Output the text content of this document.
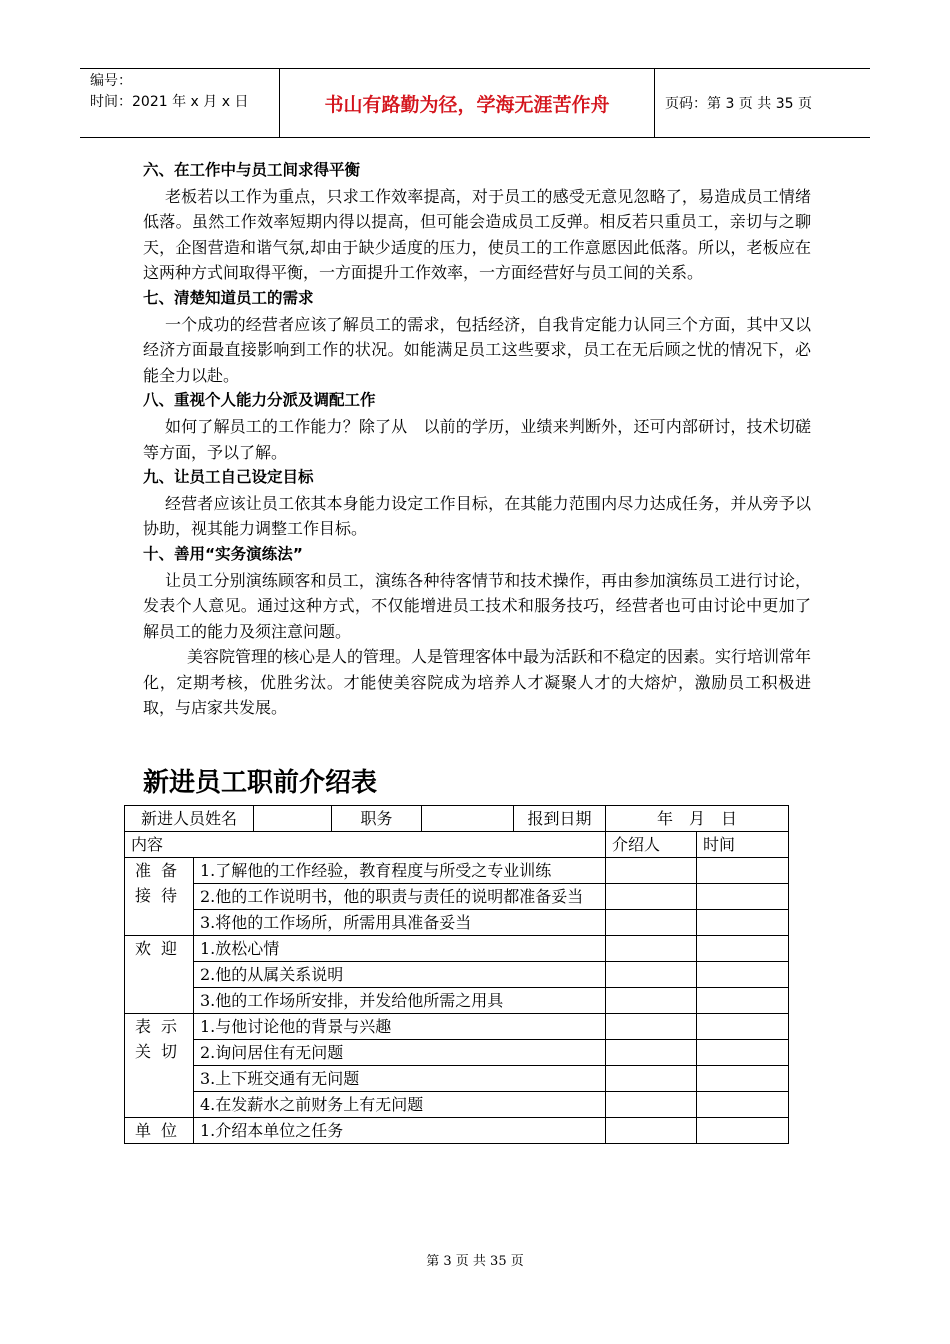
编号：
时间：2021 年 x 月 x 日	书山有路勤为径，学海无涯苦作舟	页码：第 3 页 共 35 页

六、在工作中与员工间求得平衡

老板若以工作为重点，只求工作效率提高，对于员工的感受无意见忽略了，易造成员工情绪低落。虽然工作效率短期内得以提高，但可能会造成员工反弹。相反若只重员工，亲切与之聊天，企图营造和谐气氛,却由于缺少适度的压力，使员工的工作意愿因此低落。所以，老板应在这两种方式间取得平衡，一方面提升工作效率，一方面经营好与员工间的关系。

七、清楚知道员工的需求

一个成功的经营者应该了解员工的需求，包括经济，自我肯定能力认同三个方面，其中又以经济方面最直接影响到工作的状况。如能满足员工这些要求，员工在无后顾之忧的情况下，必能全力以赴。

八、重视个人能力分派及调配工作

如何了解员工的工作能力？除了从　以前的学历，业绩来判断外，还可内部研讨，技术切磋等方面，予以了解。

九、让员工自己设定目标

经营者应该让员工依其本身能力设定工作目标，在其能力范围内尽力达成任务，并从旁予以协助，视其能力调整工作目标。

十、善用“实务演练法”

让员工分别演练顾客和员工，演练各种待客情节和技术操作，再由参加演练员工进行讨论，发表个人意见。通过这种方式，不仅能增进员工技术和服务技巧，经营者也可由讨论中更加了解员工的能力及须注意问题。

美容院管理的核心是人的管理。人是管理客体中最为活跃和不稳定的因素。实行培训常年化，定期考核，优胜劣汰。才能使美容院成为培养人才凝聚人才的大熔炉，激励员工积极进取，与店家共发展。

新进员工职前介绍表
新进人员姓名			职务		报到日期	年　月　日	
内容						介绍人	时间
准备接待	1.了解他的工作经验，教育程度与所受之专业训练						
	2.他的工作说明书，他的职责与责任的说明都准备妥当						
	3.将他的工作场所，所需用具准备妥当						
欢迎	1.放松心情						
	2.他的从属关系说明						
	3.他的工作场所安排，并发给他所需之用具						
表示关切	1.与他讨论他的背景与兴趣						
	2.询问居住有无问题						
	3.上下班交通有无问题						
	4.在发薪水之前财务上有无问题						
单位	1.介绍本单位之任务						
第 3 页 共 35 页
